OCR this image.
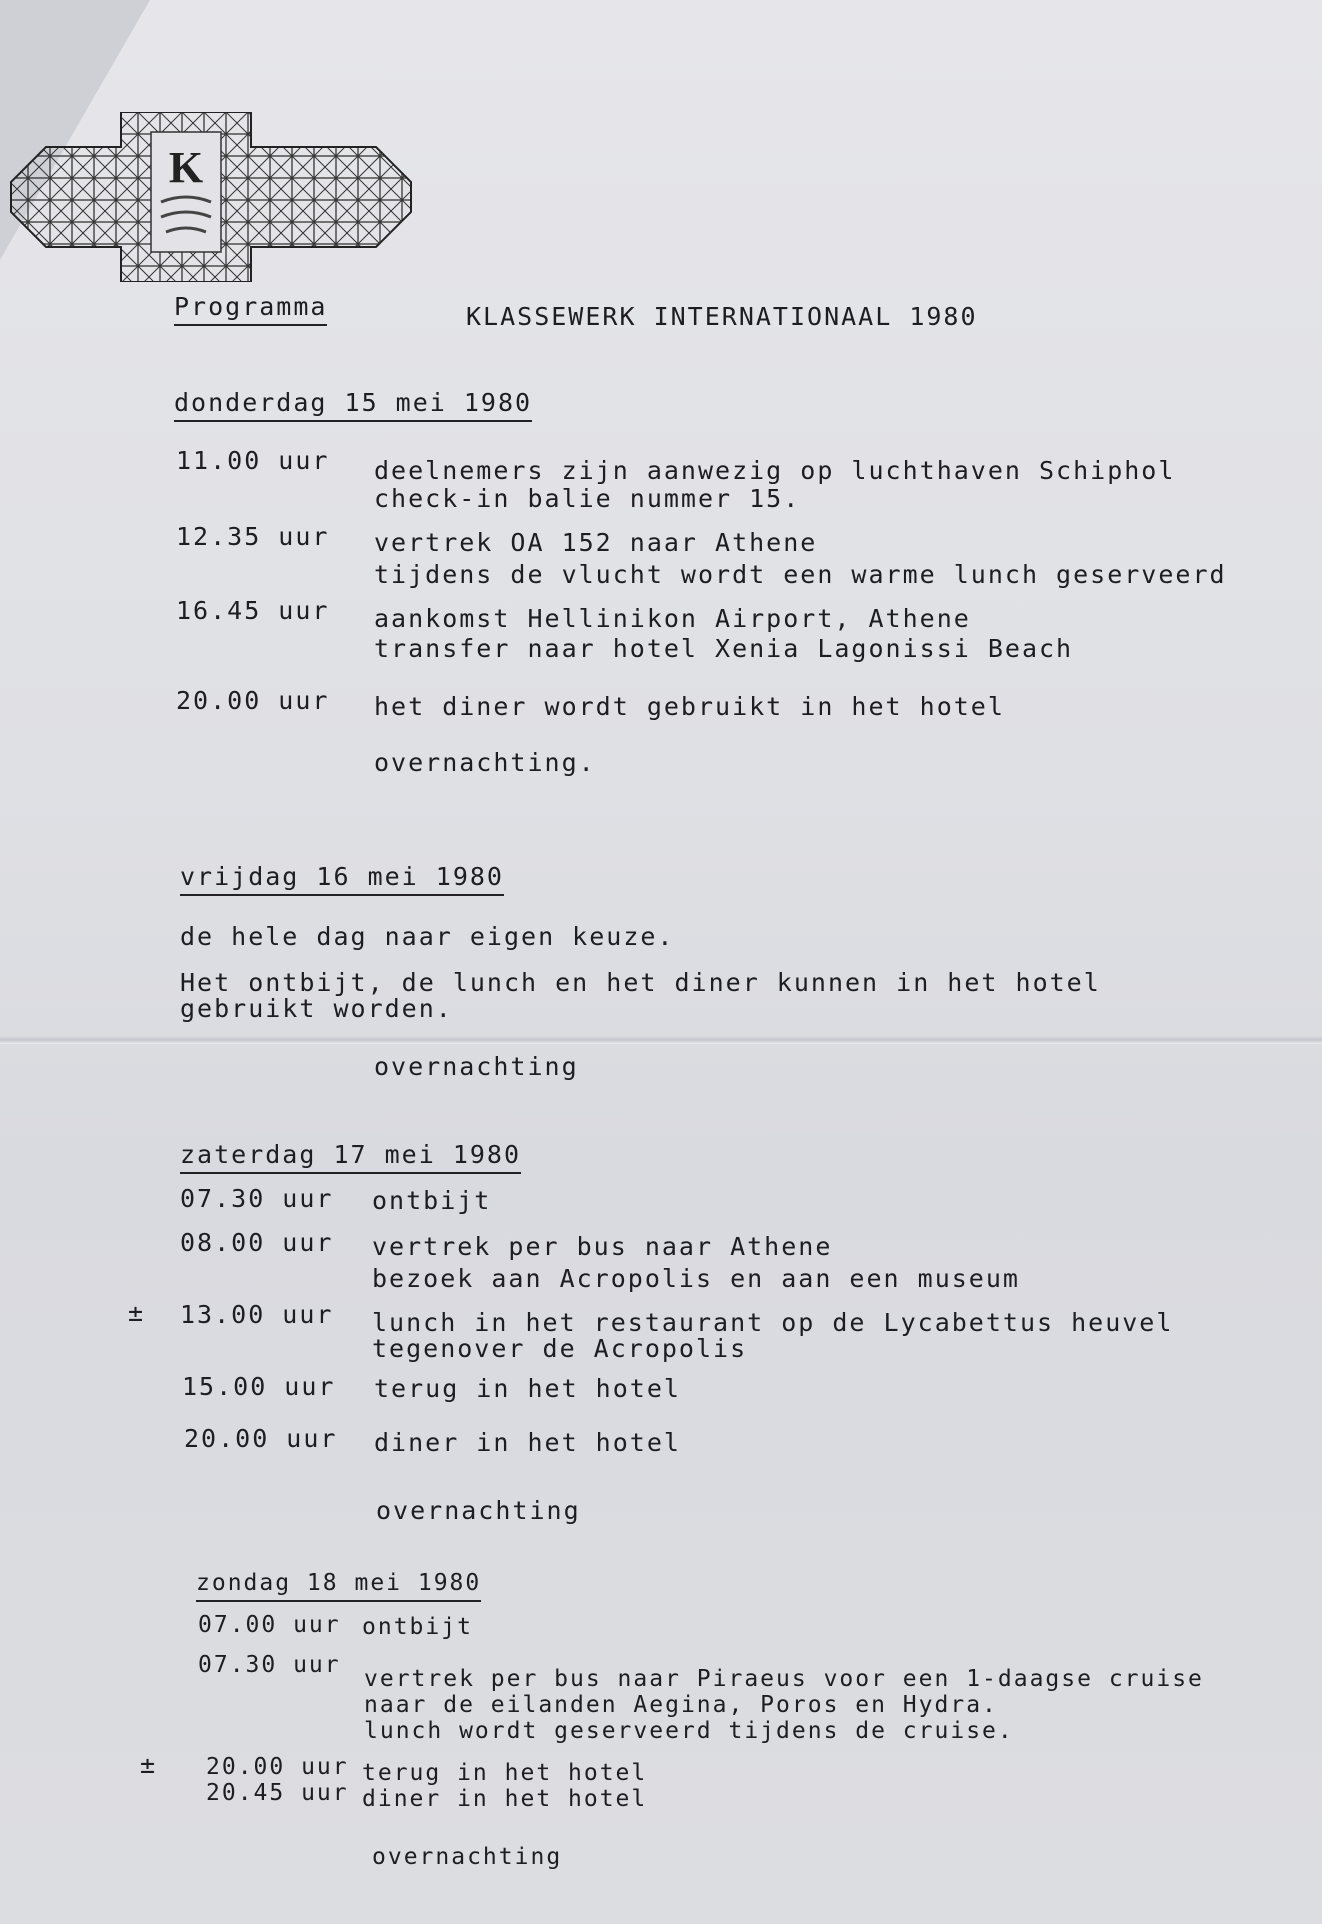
K
Programma	KLASSEWERK INTERNATIONAAL 1980
donderdag 15 mei 1980
11.00 uur deelnemers zijn aanwezig op luchthaven Schiphol
check-in balie nummer 15.
12.35 uur vertrek OA 152 naar Athene
tijdens de vlucht wordt een warme lunch geserveerd
16.45 uur aankomst Hellinikon Airport, Athene
transfer naar hotel Xenia Lagonissi Beach
20.00 uur het diner wordt gebruikt in het hotel
overnachting.
vrijdag 16 mei 1980
de hele dag naar eigen keuze.
Het ontbijt, de lunch en het diner kunnen in het hotel
gebruikt worden.
overnachting
zaterdag 17 mei 1980
07.30 uur ontbijt
08.00 uur vertrek per bus naar Athene
bezoek aan Acropolis en aan een museum
± 13.00 uur lunch in het restaurant op de Lycabettus heuvel
tegenover de Acropolis
15.00 uur terug in het hotel
20.00 uur diner in het hotel
overnachting
zondag 18 mei 1980
07.00 uur ontbijt
07.30 uur
vertrek per bus naar Piraeus voor een 1-daagse cruise
naar de eilanden Aegina, Poros en Hydra.
lunch wordt geserveerd tijdens de cruise.
± 20.00 uur terug in het hotel
20.45 uur diner in het hotel
overnachting
